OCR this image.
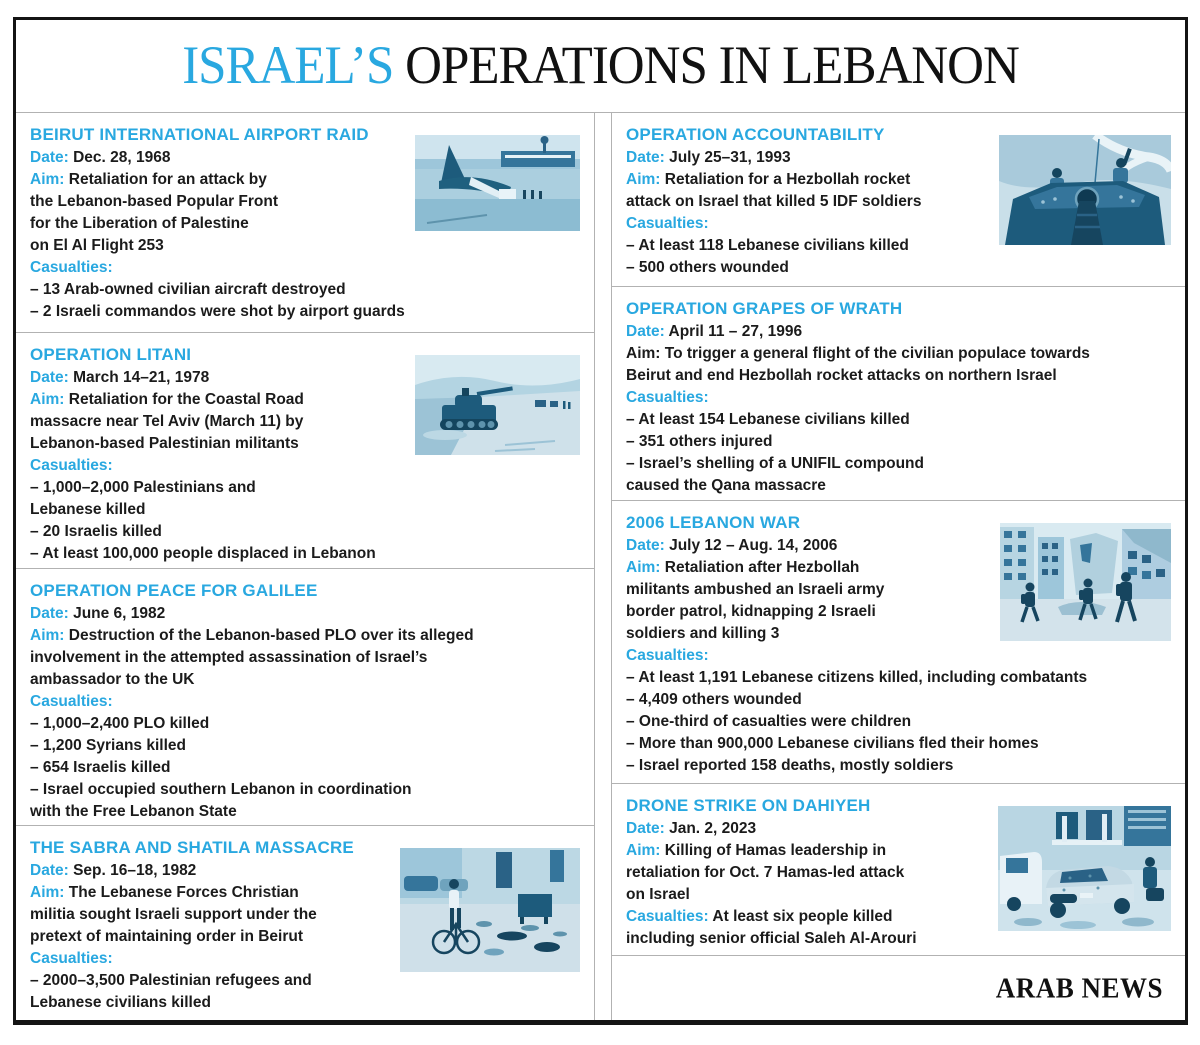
ISRAEL’S OPERATIONS IN LEBANON
BEIRUT INTERNATIONAL AIRPORT RAID
Date: Dec. 28, 1968
Aim: Retaliation for an attack by
the Lebanon-based Popular Front
for the Liberation of Palestine
on El Al Flight 253
Casualties:
– 13 Arab-owned civilian aircraft destroyed
– 2 Israeli commandos were shot by airport guards
OPERATION LITANI
Date: March 14–21, 1978
Aim: Retaliation for the Coastal Road
massacre near Tel Aviv (March 11) by
Lebanon-based Palestinian militants
Casualties:
– 1,000–2,000 Palestinians and
Lebanese killed
– 20 Israelis killed
– At least 100,000 people displaced in Lebanon
OPERATION PEACE FOR GALILEE
Date: June 6, 1982
Aim: Destruction of the Lebanon-based PLO over its alleged
involvement in the attempted assassination of Israel’s
ambassador to the UK
Casualties:
– 1,000–2,400 PLO killed
– 1,200 Syrians killed
– 654 Israelis killed
– Israel occupied southern Lebanon in coordination
with the Free Lebanon State
THE SABRA AND SHATILA MASSACRE
Date: Sep. 16–18, 1982
Aim: The Lebanese Forces Christian
militia sought Israeli support under the
pretext of maintaining order in Beirut
Casualties:
– 2000–3,500 Palestinian refugees and
Lebanese civilians killed
OPERATION ACCOUNTABILITY
Date: July 25–31, 1993
Aim: Retaliation for a Hezbollah rocket
attack on Israel that killed 5 IDF soldiers
Casualties:
– At least 118 Lebanese civilians killed
– 500 others wounded
OPERATION GRAPES OF WRATH
Date: April 11 – 27, 1996
Aim: To trigger a general flight of the civilian populace towards
Beirut and end Hezbollah rocket attacks on northern Israel
Casualties:
– At least 154 Lebanese civilians killed
– 351 others injured
– Israel’s shelling of a UNIFIL compound
caused the Qana massacre
2006 LEBANON WAR
Date: July 12 – Aug. 14, 2006
Aim: Retaliation after Hezbollah
militants ambushed an Israeli army
border patrol, kidnapping 2 Israeli
soldiers and killing 3
Casualties:
– At least 1,191 Lebanese citizens killed, including combatants
– 4,409 others wounded
– One-third of casualties were children
– More than 900,000 Lebanese civilians fled their homes
– Israel reported 158 deaths, mostly soldiers
DRONE STRIKE ON DAHIYEH
Date: Jan. 2, 2023
Aim: Killing of Hamas leadership in
retaliation for Oct. 7 Hamas-led attack
on Israel
Casualties: At least six people killed
including senior official Saleh Al-Arouri
ARAB NEWS
